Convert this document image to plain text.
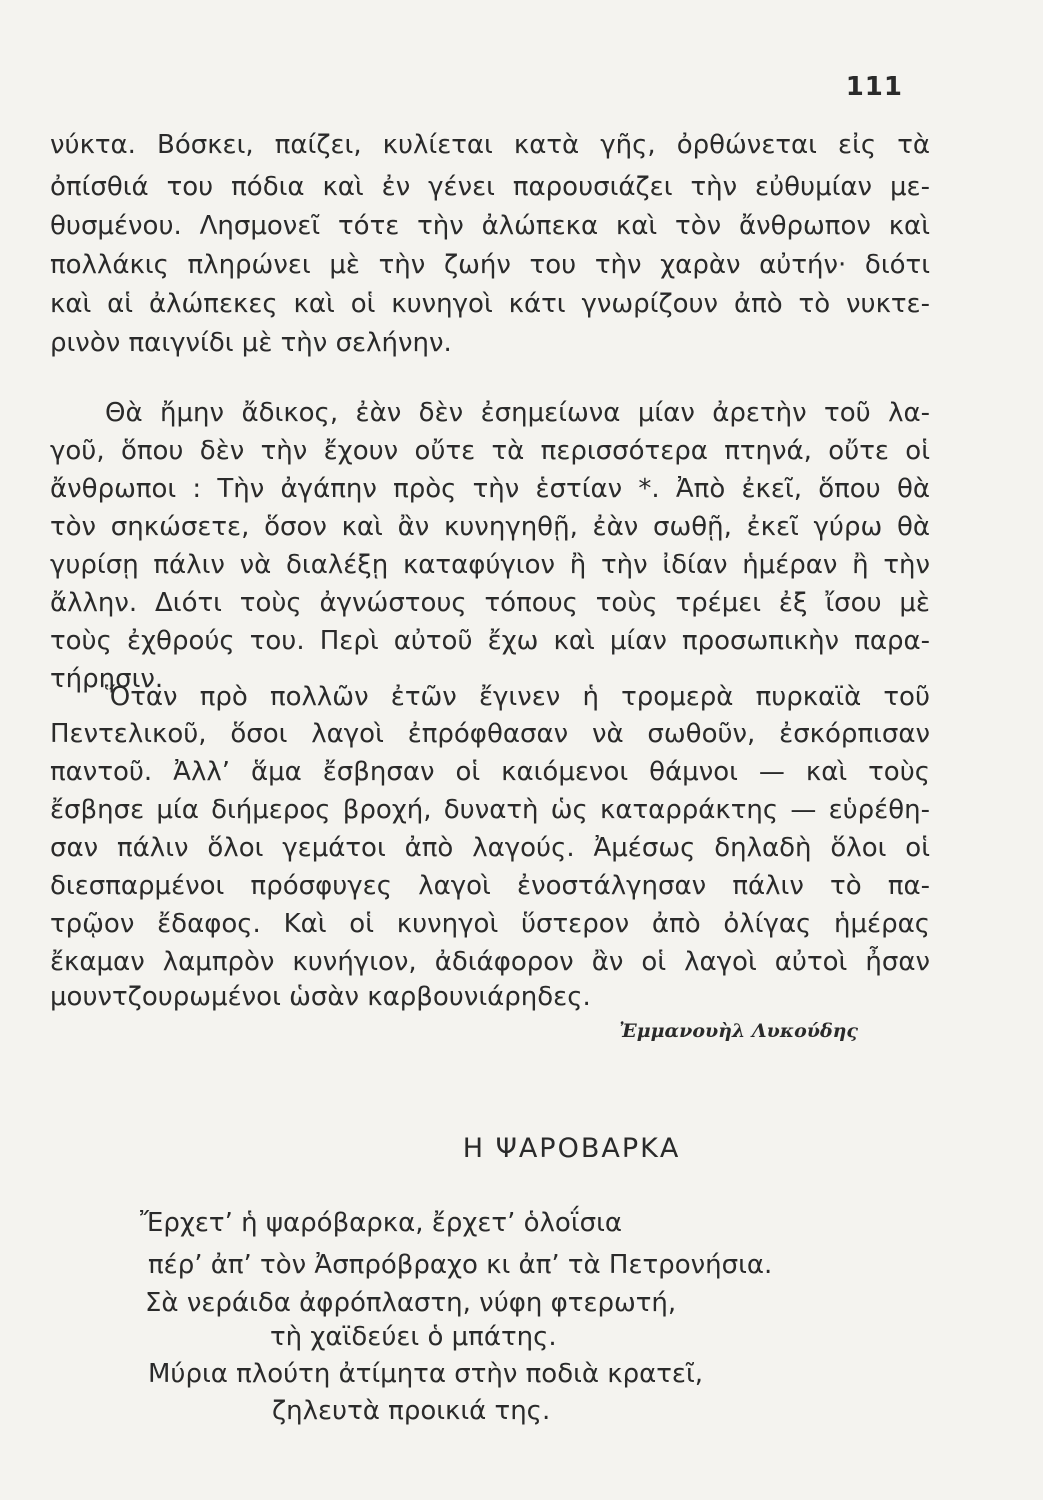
111
νύκτα. Βόσκει, παίζει, κυλίεται κατὰ γῆς, ὀρθώνεται εἰς τὰ
ὀπίσθιά του πόδια καὶ ἐν γένει παρουσιάζει τὴν εὐθυμίαν με-
θυσμένου. Λησμονεῖ τότε τὴν ἀλώπεκα καὶ τὸν ἄνθρωπον καὶ
πολλάκις πληρώνει μὲ τὴν ζωήν του τὴν χαρὰν αὐτήν· διότι
καὶ αἱ ἀλώπεκες καὶ οἱ κυνηγοὶ κάτι γνωρίζουν ἀπὸ τὸ νυκτε-
ρινὸν παιγνίδι μὲ τὴν σελήνην.
Θὰ ἤμην ἄδικος, ἐὰν δὲν ἐσημείωνα μίαν ἀρετὴν τοῦ λα-
γοῦ, ὅπου δὲν τὴν ἔχουν οὔτε τὰ περισσότερα πτηνά, οὔτε οἱ
ἄνθρωποι : Τὴν ἀγάπην πρὸς τὴν ἑστίαν *. Ἀπὸ ἐκεῖ, ὅπου θὰ
τὸν σηκώσετε, ὅσον καὶ ἂν κυνηγηθῇ, ἐὰν σωθῇ, ἐκεῖ γύρω θὰ
γυρίσῃ πάλιν νὰ διαλέξῃ καταφύγιον ἢ τὴν ἰδίαν ἡμέραν ἢ τὴν
ἄλλην. Διότι τοὺς ἀγνώστους τόπους τοὺς τρέμει ἐξ ἴσου μὲ
τοὺς ἐχθρούς του. Περὶ αὐτοῦ ἔχω καὶ μίαν προσωπικὴν παρα-
τήρησιν.
Ὅταν πρὸ πολλῶν ἐτῶν ἔγινεν ἡ τρομερὰ πυρκαϊὰ τοῦ
Πεντελικοῦ, ὅσοι λαγοὶ ἐπρόφθασαν νὰ σωθοῦν, ἐσκόρπισαν
παντοῦ. Ἀλλ’ ἅμα ἔσβησαν οἱ καιόμενοι θάμνοι — καὶ τοὺς
ἔσβησε μία διήμερος βροχή, δυνατὴ ὡς καταρράκτης — εὑρέθη-
σαν πάλιν ὅλοι γεμάτοι ἀπὸ λαγούς. Ἀμέσως δηλαδὴ ὅλοι οἱ
διεσπαρμένοι πρόσφυγες λαγοὶ ἐνοστάλγησαν πάλιν τὸ πα-
τρῷον ἔδαφος. Καὶ οἱ κυνηγοὶ ὕστερον ἀπὸ ὀλίγας ἡμέρας
ἔκαμαν λαμπρὸν κυνήγιον, ἀδιάφορον ἂν οἱ λαγοὶ αὐτοὶ ἦσαν
μουντζουρωμένοι ὡσὰν καρβουνιάρηδες.
Ἐμμανουὴλ Λυκούδης
Η ΨΑΡΟΒΑΡΚΑ
Ἔρχετ’ ἡ ψαρόβαρκα, ἔρχετ’ ὁλοΐσια
πέρ’ ἀπ’ τὸν Ἀσπρόβραχο κι ἀπ’ τὰ Πετρονήσια.
Σὰ νεράιδα ἀφρόπλαστη, νύφη φτερωτή,
τὴ χαϊδεύει ὁ μπάτης.
Μύρια πλούτη ἀτίμητα στὴν ποδιὰ κρατεῖ,
ζηλευτὰ προικιά της.
